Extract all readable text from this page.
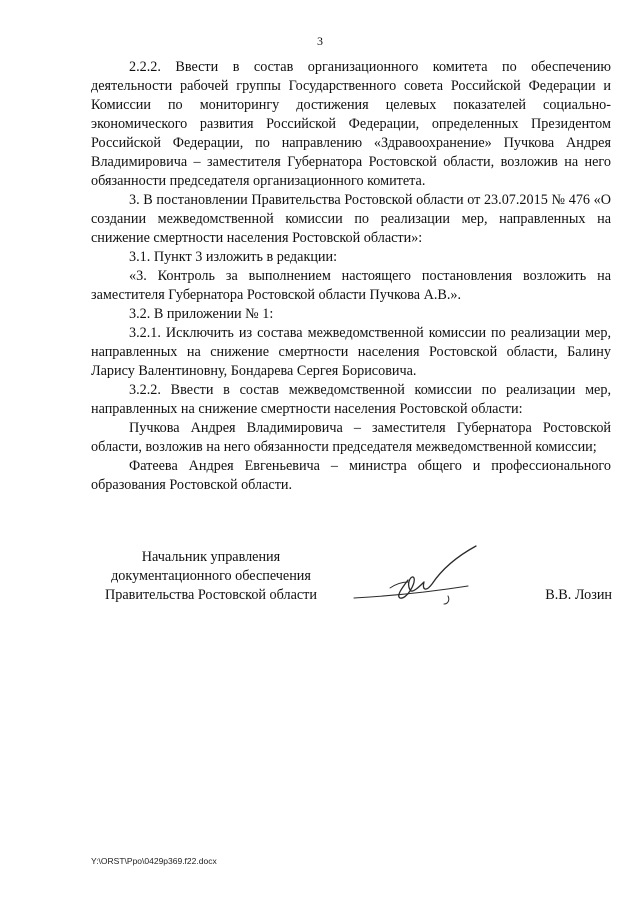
3

2.2.2. Ввести в состав организационного комитета по обеспечению деятельности рабочей группы Государственного совета Российской Федерации и Комиссии по мониторингу достижения целевых показателей социально-экономического развития Российской Федерации, определенных Президентом Российской Федерации, по направлению «Здравоохранение» Пучкова Андрея Владимировича – заместителя Губернатора Ростовской области, возложив на него обязанности председателя организационного комитета.

3. В постановлении Правительства Ростовской области от 23.07.2015 № 476 «О создании межведомственной комиссии по реализации мер, направленных на снижение смертности населения Ростовской области»:

3.1. Пункт 3 изложить в редакции:

«3. Контроль за выполнением настоящего постановления возложить на заместителя Губернатора Ростовской области Пучкова А.В.».

3.2. В приложении № 1:

3.2.1. Исключить из состава межведомственной комиссии по реализации мер, направленных на снижение смертности населения Ростовской области, Балину Ларису Валентиновну, Бондарева Сергея Борисовича.

3.2.2. Ввести в состав межведомственной комиссии по реализации мер, направленных на снижение смертности населения Ростовской области:

Пучкова Андрея Владимировича – заместителя Губернатора Ростовской области, возложив на него обязанности председателя межведомственной комиссии;

Фатеева Андрея Евгеньевича – министра общего и профессионального образования Ростовской области.

Начальник управления
документационного обеспечения
Правительства Ростовской области	В.В. Лозин
Y:\ORST\Ppo\0429p369.f22.docx
